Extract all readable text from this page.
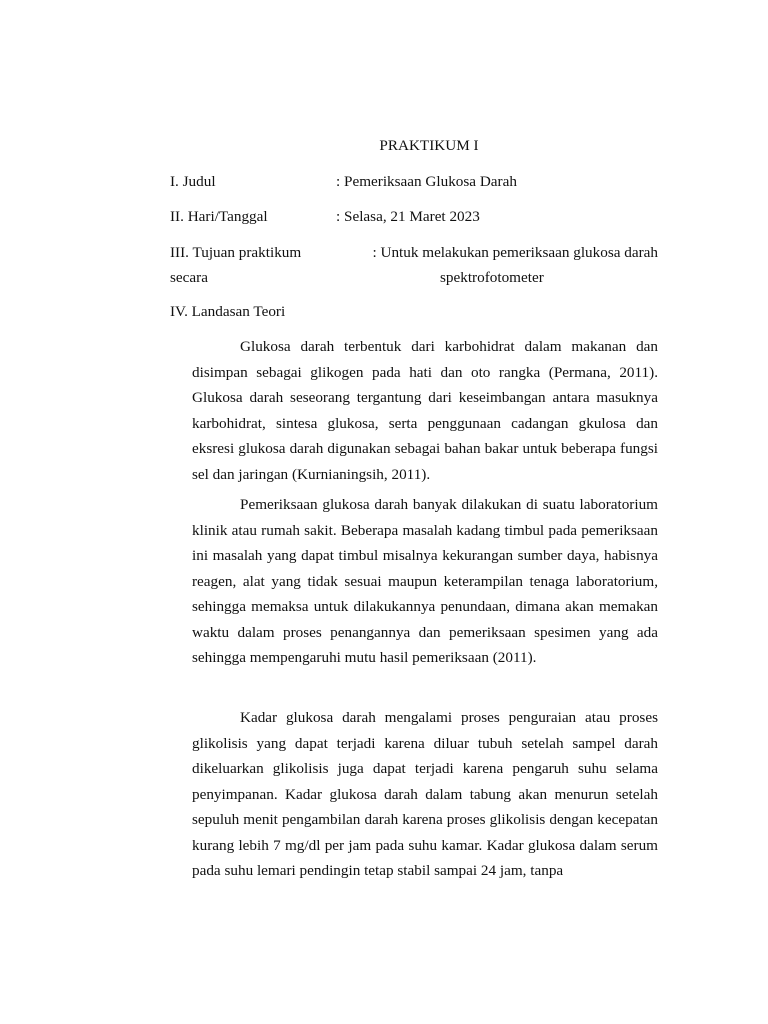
PRAKTIKUM I
I. Judul	: Pemeriksaan Glukosa Darah
II. Hari/Tanggal	: Selasa, 21 Maret 2023
III. Tujuan praktikum	: Untuk melakukan pemeriksaan glukosa darah
secara	spektrofotometer
IV. Landasan Teori

Glukosa darah terbentuk dari karbohidrat dalam makanan dan disimpan sebagai glikogen pada hati dan oto rangka (Permana, 2011). Glukosa darah seseorang tergantung dari keseimbangan antara masuknya karbohidrat, sintesa glukosa, serta penggunaan cadangan gkulosa dan eksresi glukosa darah digunakan sebagai bahan bakar untuk beberapa fungsi sel dan jaringan (Kurnianingsih, 2011).

Pemeriksaan glukosa darah banyak dilakukan di suatu laboratorium klinik atau rumah sakit. Beberapa masalah kadang timbul pada pemeriksaan ini masalah yang dapat timbul misalnya kekurangan sumber daya, habisnya reagen, alat yang tidak sesuai maupun keterampilan tenaga laboratorium, sehingga memaksa untuk dilakukannya penundaan, dimana akan memakan waktu dalam proses penangannya dan pemeriksaan spesimen yang ada sehingga mempengaruhi mutu hasil pemeriksaan (2011).

Kadar glukosa darah mengalami proses penguraian atau proses glikolisis yang dapat terjadi karena diluar tubuh setelah sampel darah dikeluarkan glikolisis juga dapat terjadi karena pengaruh suhu selama penyimpanan. Kadar glukosa darah dalam tabung akan menurun setelah sepuluh menit pengambilan darah karena proses glikolisis dengan kecepatan kurang lebih 7 mg/dl per jam pada suhu kamar. Kadar glukosa dalam serum pada suhu lemari pendingin tetap stabil sampai 24 jam, tanpa
